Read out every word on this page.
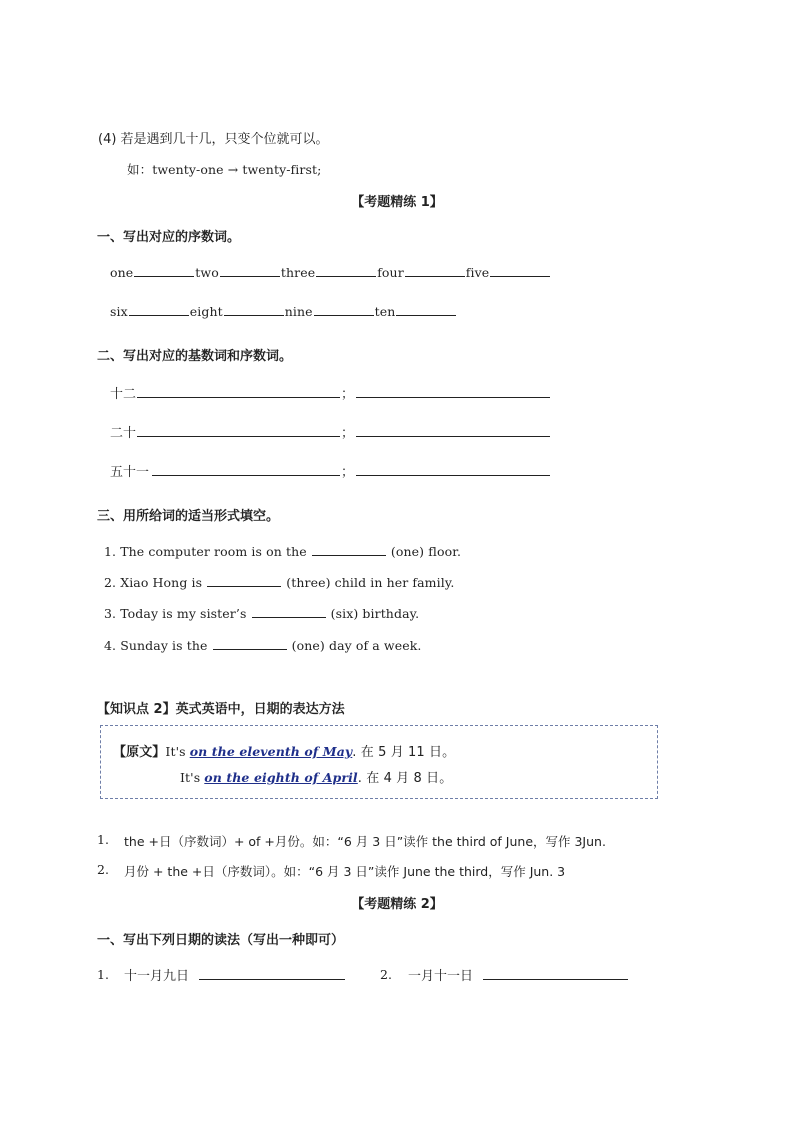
(4) 若是遇到几十几，只变个位就可以。
如：twenty-one → twenty-first;
【考题精练 1】
一、写出对应的序数词。
one	two	three	four	five
six	eight	nine	ten
二、写出对应的基数词和序数词。
十二	；
二十	；
五十一	；
三、用所给词的适当形式填空。
1. The computer room is on the	(one) floor.
2. Xiao Hong is	(three) child in her family.
3. Today is my sister’s	(six) birthday.
4. Sunday is the	(one) day of a week.
【知识点 2】英式英语中，日期的表达方法
【原文】It's on the eleventh of May. 在 5 月 11 日。
It's on the eighth of April. 在 4 月 8 日。
1. the +日（序数词）+ of +月份。如：“6 月 3 日”读作 the third of June，写作 3Jun.
2. 月份 + the +日（序数词）。如：“6 月 3 日”读作 June the third，写作 Jun. 3
【考题精练 2】
一、写出下列日期的读法（写出一种即可）
1. 十一月九日	2. 一月十一日
